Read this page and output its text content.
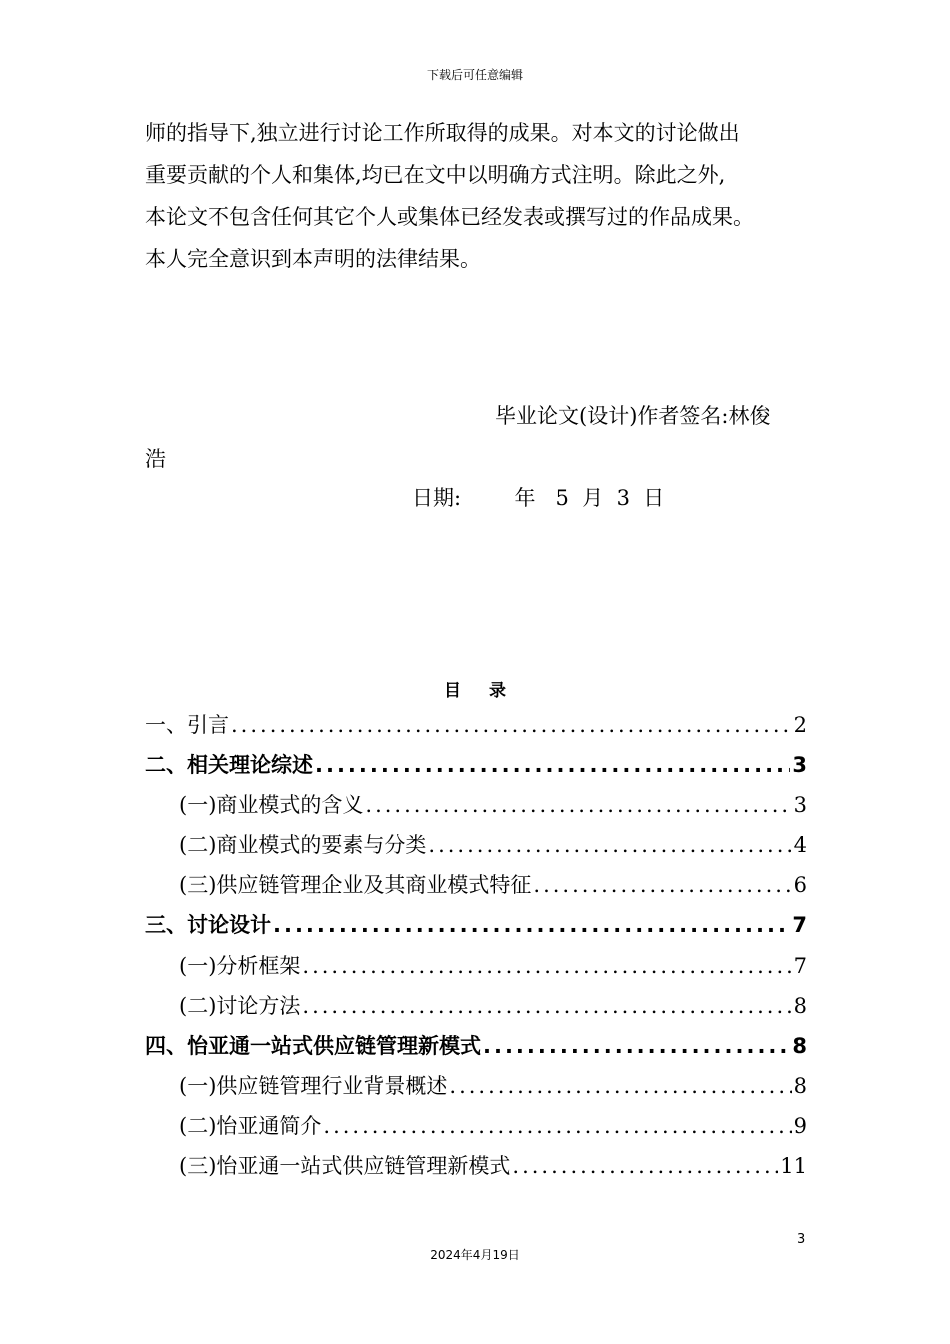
下载后可任意编辑
师的指导下,独立进行讨论工作所取得的成果。对本文的讨论做出
重要贡献的个人和集体,均已在文中以明确方式注明。除此之外,
本论文不包含任何其它个人或集体已经发表或撰写过的作品成果。
本人完全意识到本声明的法律结果。
毕业论文(设计)作者签名:林俊
浩
日期:        年   5  月  3  日
目录
一、引言 .....	2
二、相关理论综述 .....	3
(一)商业模式的含义 .....	3
(二)商业模式的要素与分类 .....	4
(三)供应链管理企业及其商业模式特征 .....	6
三、讨论设计 .....	7
(一)分析框架 .....	7
(二)讨论方法 .....	8
四、怡亚通一站式供应链管理新模式 .....	8
(一)供应链管理行业背景概述 .....	8
(二)怡亚通简介 .....	9
(三)怡亚通一站式供应链管理新模式 .....	11
3
2024年4月19日
